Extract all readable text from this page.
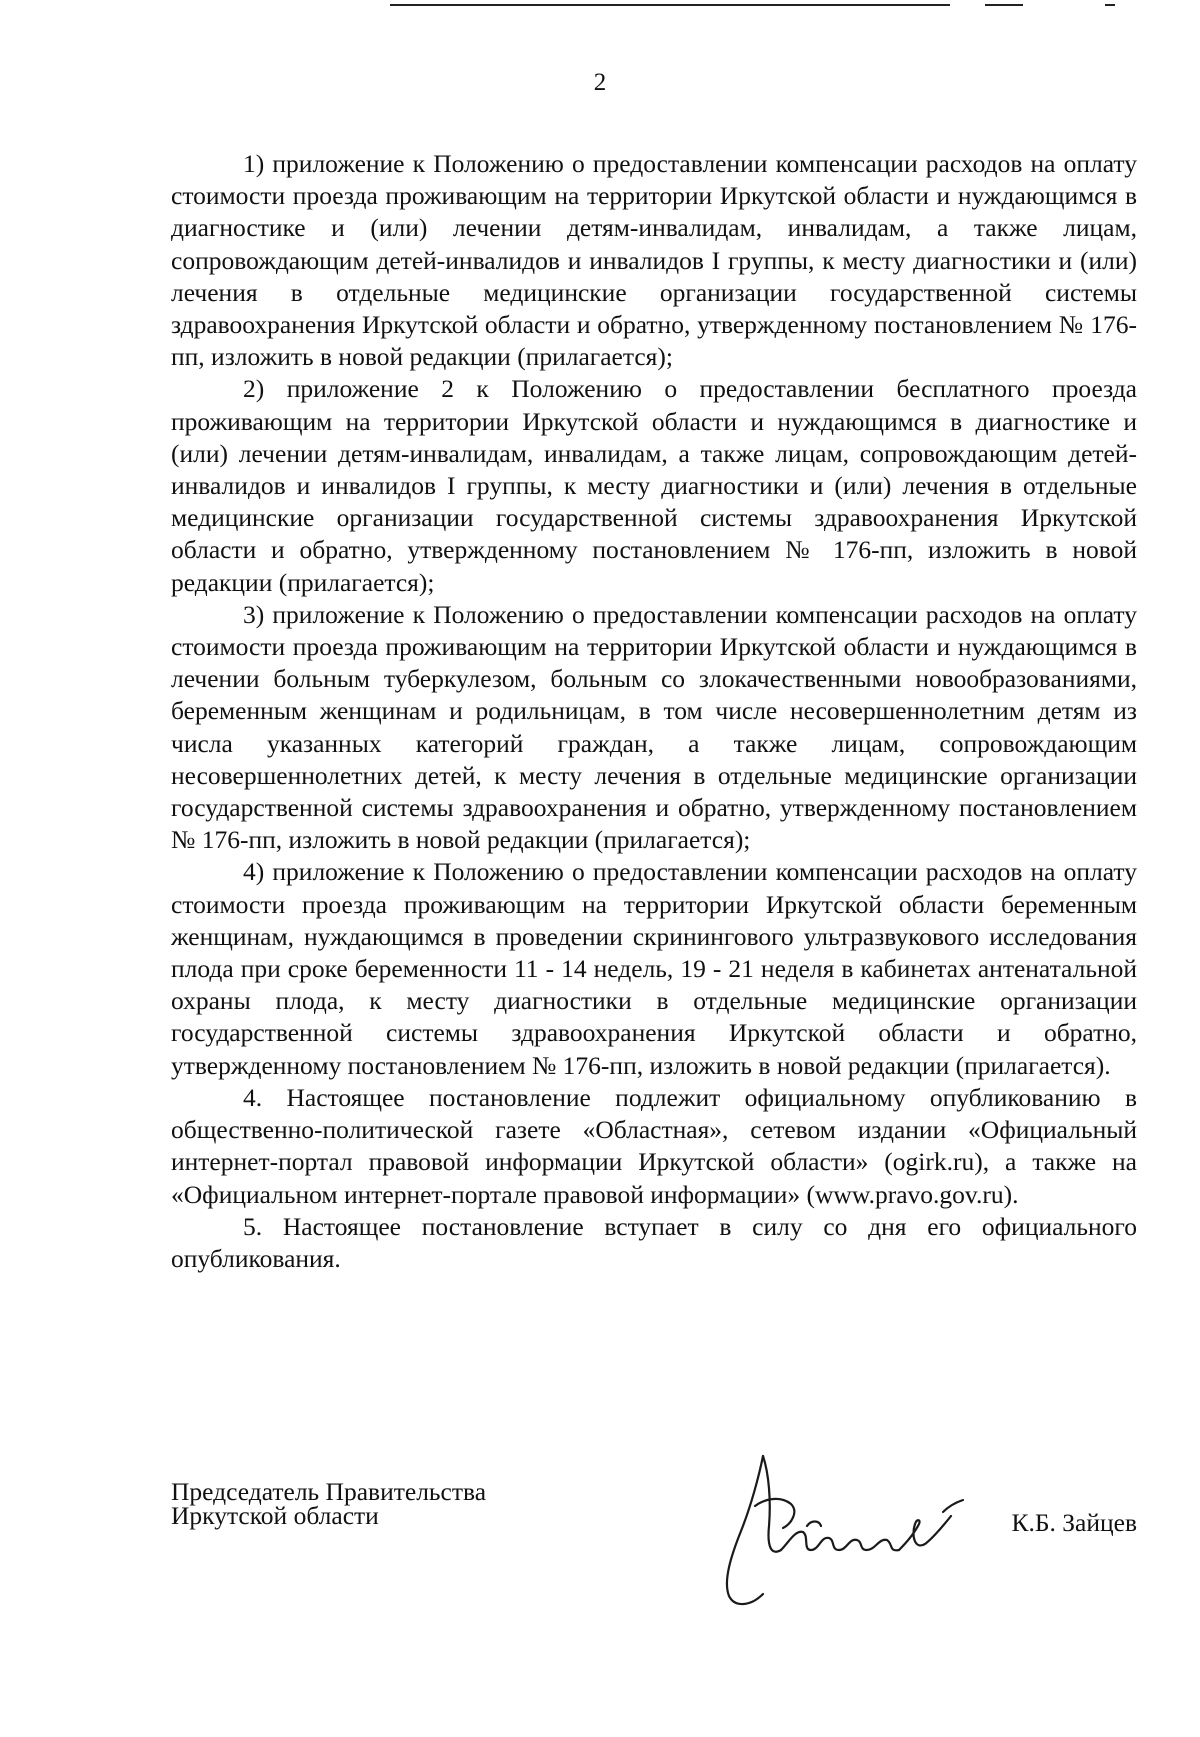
2

1) приложение к Положению о предоставлении компенсации расходов на оплату стоимости проезда проживающим на территории Иркутской области и нуждающимся в диагностике и (или) лечении детям-инвалидам, инвалидам, а также лицам, сопровождающим детей-инвалидов и инвалидов I группы, к месту диагностики и (или) лечения в отдельные медицинские организации государственной системы здравоохранения Иркутской области и обратно, утвержденному постановлением № 176-пп, изложить в новой редакции (прилагается);

2) приложение 2 к Положению о предоставлении бесплатного проезда проживающим на территории Иркутской области и нуждающимся в диагностике и (или) лечении детям-инвалидам, инвалидам, а также лицам, сопровождающим детей-инвалидов и инвалидов I группы, к месту диагностики и (или) лечения в отдельные медицинские организации государственной системы здравоохранения Иркутской области и обратно, утвержденному постановлением № 176-пп, изложить в новой редакции (прилагается);

3) приложение к Положению о предоставлении компенсации расходов на оплату стоимости проезда проживающим на территории Иркутской области и нуждающимся в лечении больным туберкулезом, больным со злокачественными новообразованиями, беременным женщинам и родильницам, в том числе несовершеннолетним детям из числа указанных категорий граждан, а также лицам, сопровождающим несовершеннолетних детей, к месту лечения в отдельные медицинские организации государственной системы здравоохранения и обратно, утвержденному постановлением № 176-пп, изложить в новой редакции (прилагается);

4) приложение к Положению о предоставлении компенсации расходов на оплату стоимости проезда проживающим на территории Иркутской области беременным женщинам, нуждающимся в проведении скринингового ультразвукового исследования плода при сроке беременности 11 - 14 недель, 19 - 21 неделя в кабинетах антенатальной охраны плода, к месту диагностики в отдельные медицинские организации государственной системы здравоохранения Иркутской области и обратно, утвержденному постановлением № 176-пп, изложить в новой редакции (прилагается).

4. Настоящее постановление подлежит официальному опубликованию в общественно-политической газете «Областная», сетевом издании «Официальный интернет-портал правовой информации Иркутской области» (ogirk.ru), а также на «Официальном интернет-портале правовой информации» (www.pravo.gov.ru).

5. Настоящее постановление вступает в силу со дня его официального опубликования.

Председатель Правительства
Иркутской области	К.Б. Зайцев
